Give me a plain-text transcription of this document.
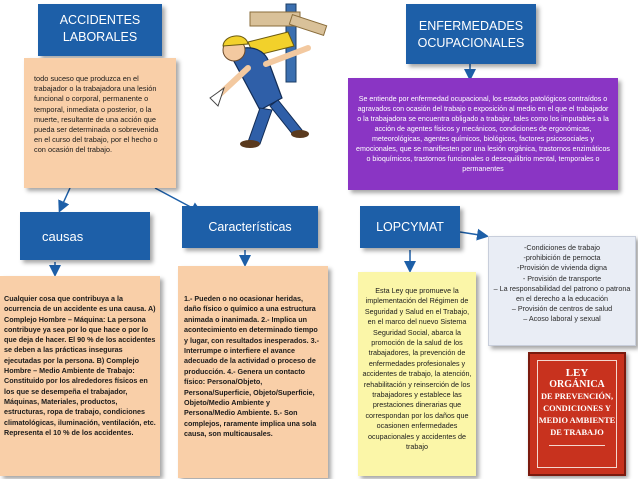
ACCIDENTES
LABORALES
todo suceso que produzca en el trabajador o la trabajadora una lesión funcional o corporal, permanente o temporal, inmediata o posterior, o la muerte, resultante de una acción que pueda ser determinada o sobrevenida en el curso del trabajo, por el hecho o con ocasión del trabajo.
ENFERMEDADES
OCUPACIONALES
Se entiende por enfermedad ocupacional, los estados patológicos contraídos o agravados con ocasión del trabajo o exposición al medio en el que el trabajador o la trabajadora se encuentra obligado a trabajar, tales como los imputables a la acción de agentes físicos y mecánicos, condiciones de ergonómicas, meteorológicas, agentes químicos, biológicos, factores psicosociales y emocionales, que se manifiesten por una lesión orgánica, trastornos enzimáticos o bioquímicos, trastornos funcionales o desequilibrio mental, temporales o permanentes
causas
Cualquier cosa que contribuya a la ocurrencia de un accidente es una causa. A) Complejo Hombre – Máquina: La persona contribuye ya sea por lo que hace o por lo que deja de hacer. El 90 % de los accidentes se deben a las prácticas inseguras ejecutadas por la persona. B) Complejo Hombre – Medio Ambiente de Trabajo: Constituido por los alrededores físicos en los que se desempeña el trabajador, Máquinas, Materiales, productos, estructuras, ropa de trabajo, condiciones climatológicas, iluminación, ventilación, etc. Representa el 10 % de los accidentes.
Características
1.- Pueden o no ocasionar heridas, daño físico o químico a una estructura animada o inanimada. 2.- Implica un acontecimiento en determinado tiempo y lugar, con resultados inesperados. 3.- Interrumpe o interfiere el avance adecuado de la actividad o proceso de producción. 4.- Genera un contacto físico: Persona/Objeto, Persona/Superficie, Objeto/Superficie, Objeto/Medio Ambiente y Persona/Medio Ambiente. 5.- Son complejos, raramente implica una sola causa, son multicausales.
LOPCYMAT
Esta Ley que promueve la implementación del Régimen de Seguridad y Salud en el Trabajo, en el marco del nuevo Sistema Seguridad Social, abarca la promoción de la salud de los trabajadores, la prevención de enfermedades profesionales y accidentes de trabajo, la atención, rehabilitación y reinserción de los trabajadores y establece las prestaciones dinerarias que correspondan por los daños que ocasionen enfermedades ocupacionales y accidentes de trabajo
-Condiciones de trabajo
-prohibición de pernocta
-Provisión de vivienda digna
- Provisión de transporte
– La responsabilidad del patrono o patrona en el derecho a la educación
– Provisión de centros de salud
– Acoso laboral y sexual
LEY
ORGÁNICA
DE PREVENCIÓN,
CONDICIONES Y
MEDIO AMBIENTE
DE TRABAJO
